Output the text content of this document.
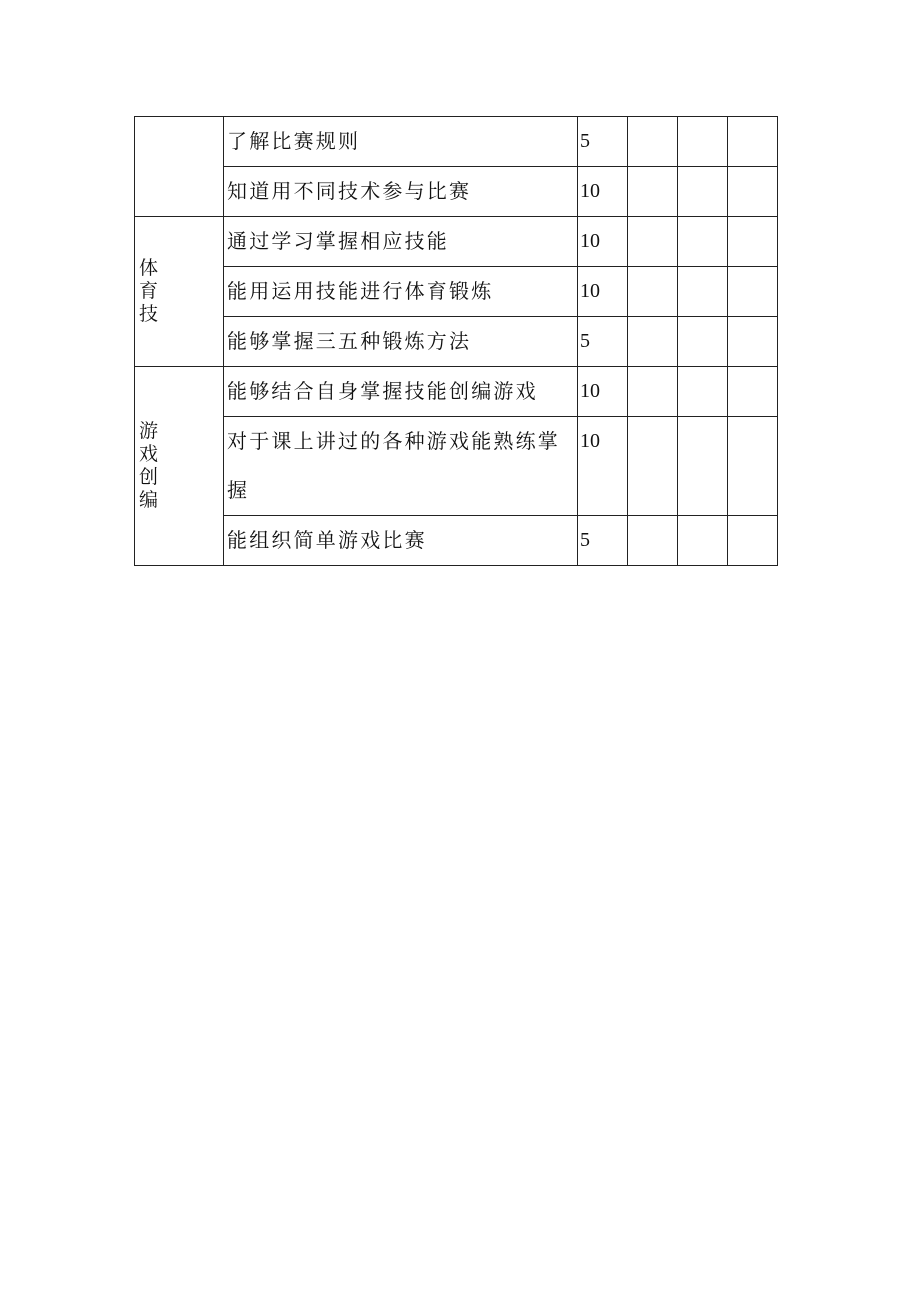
	了解比赛规则	5			
	知道用不同技术参与比赛	10			

体育技	通过学习掌握相应技能	10			
	能用运用技能进行体育锻炼	10			
	能够掌握三五种锻炼方法	5			

游戏创编	能够结合自身掌握技能创编游戏	10			
	对于课上讲过的各种游戏能熟练掌握	10			
	能组织简单游戏比赛	5			
